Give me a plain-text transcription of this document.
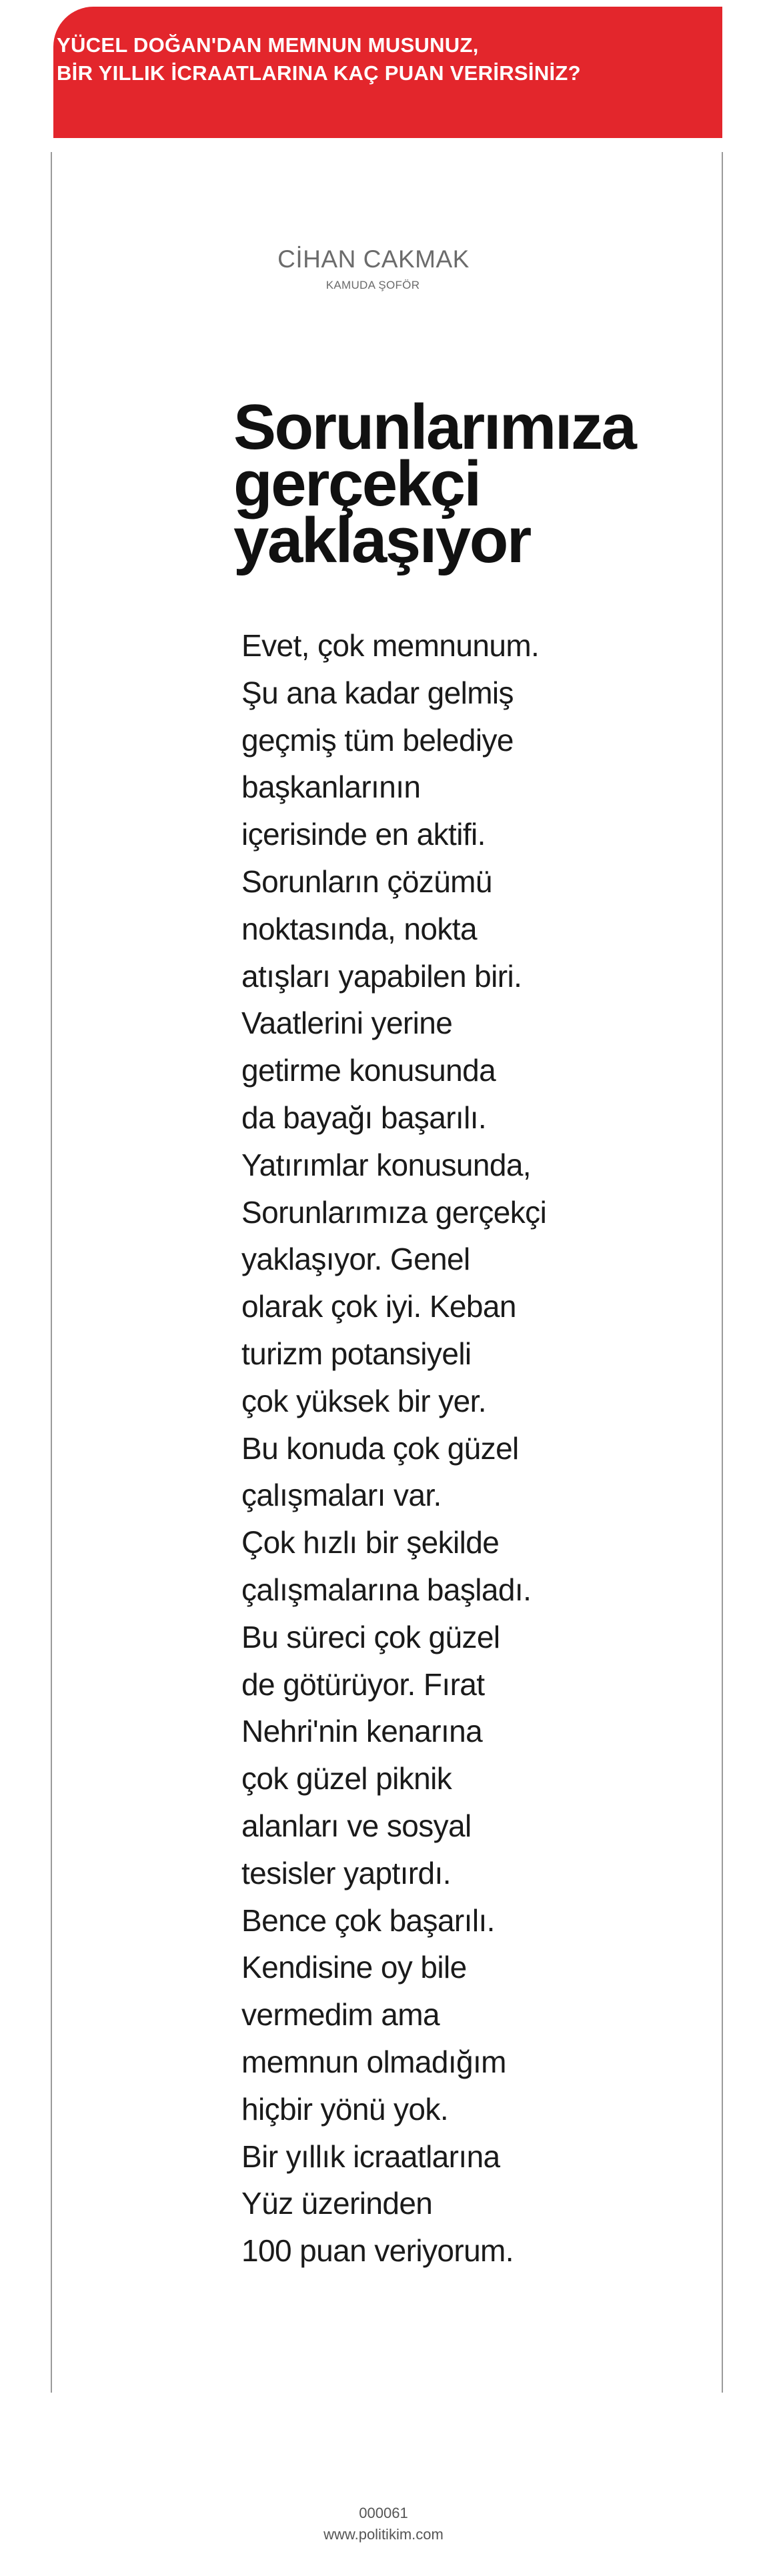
YÜCEL DOĞAN'DAN MEMNUN MUSUNUZ,
BİR YILLIK İCRAATLARINA KAÇ PUAN VERİRSİNİZ?
CİHAN CAKMAK
KAMUDA ŞOFÖR
Sorunlarımıza
gerçekçi
yaklaşıyor
Evet, çok memnunum.
Şu ana kadar gelmiş
geçmiş tüm belediye
başkanlarının
içerisinde en aktifi.
Sorunların çözümü
noktasında, nokta
atışları yapabilen biri.
Vaatlerini yerine
getirme konusunda
da bayağı başarılı.
Yatırımlar konusunda,
Sorunlarımıza gerçekçi
yaklaşıyor. Genel
olarak çok iyi. Keban
turizm potansiyeli
çok yüksek bir yer.
Bu konuda çok güzel
çalışmaları var.
Çok hızlı bir şekilde
çalışmalarına başladı.
Bu süreci çok güzel
de götürüyor. Fırat
Nehri'nin kenarına
çok güzel piknik
alanları ve sosyal
tesisler yaptırdı.
Bence çok başarılı.
Kendisine oy bile
vermedim ama
memnun olmadığım
hiçbir yönü yok.
Bir yıllık icraatlarına
Yüz üzerinden
100 puan veriyorum.
000061
www.politikim.com
